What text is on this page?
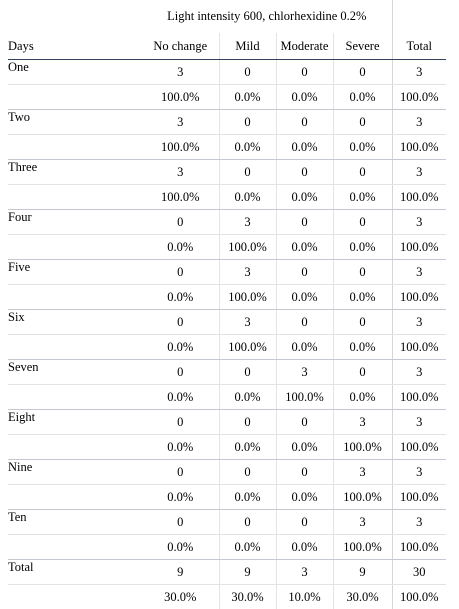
	Light intensity 600, chlorhexidine 0.2%				
Days	No change	Mild	Moderate	Severe	Total
One	3	0	0	0	3
	100.0%	0.0%	0.0%	0.0%	100.0%
Two	3	0	0	0	3
	100.0%	0.0%	0.0%	0.0%	100.0%
Three	3	0	0	0	3
	100.0%	0.0%	0.0%	0.0%	100.0%
Four	0	3	0	0	3
	0.0%	100.0%	0.0%	0.0%	100.0%
Five	0	3	0	0	3
	0.0%	100.0%	0.0%	0.0%	100.0%
Six	0	3	0	0	3
	0.0%	100.0%	0.0%	0.0%	100.0%
Seven	0	0	3	0	3
	0.0%	0.0%	100.0%	0.0%	100.0%
Eight	0	0	0	3	3
	0.0%	0.0%	0.0%	100.0%	100.0%
Nine	0	0	0	3	3
	0.0%	0.0%	0.0%	100.0%	100.0%
Ten	0	0	0	3	3
	0.0%	0.0%	0.0%	100.0%	100.0%
Total	9	9	3	9	30
	30.0%	30.0%	10.0%	30.0%	100.0%
